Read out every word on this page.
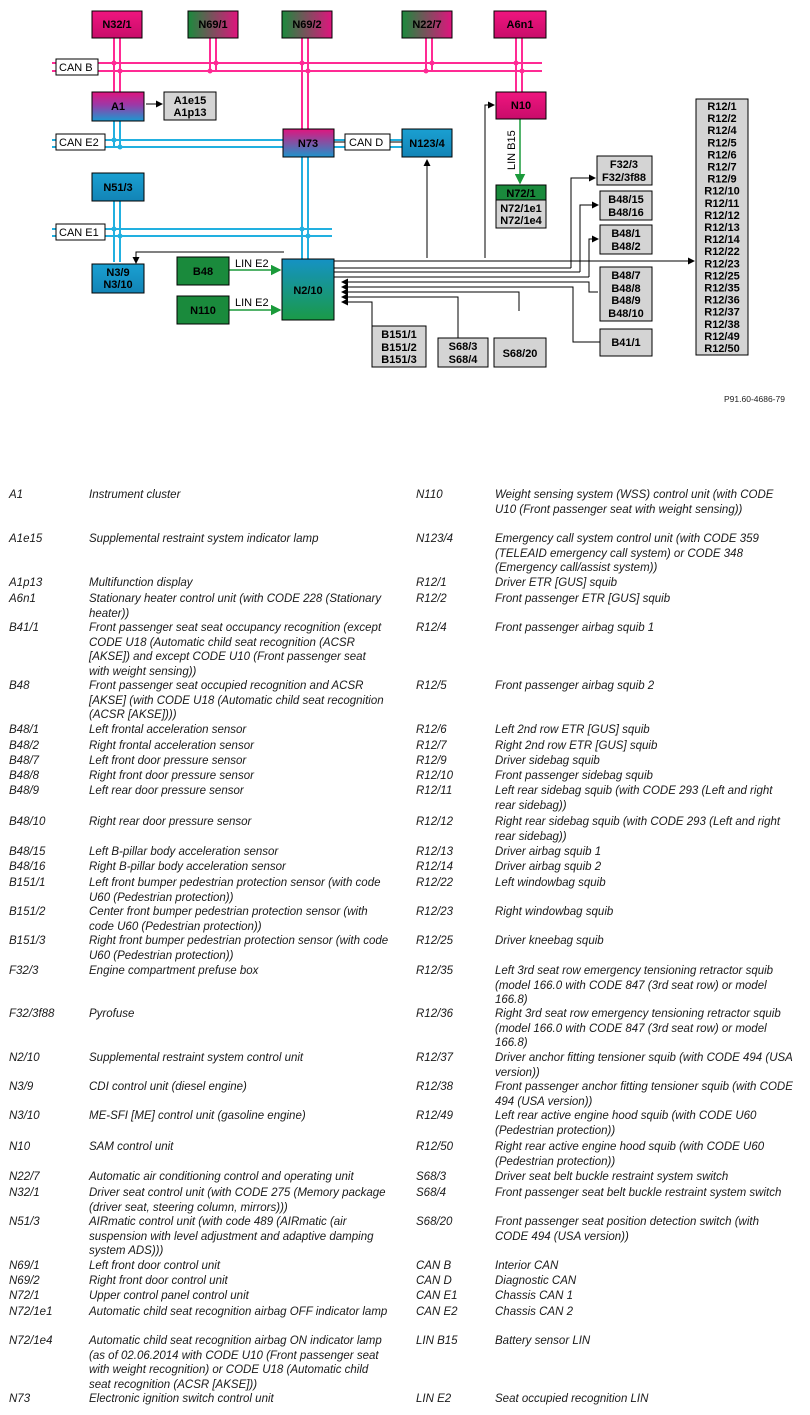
CAN B
CAN E2	CAN D
CAN E1
LIN B15
LIN E2
LIN E2
N32/1	N69/1	N69/2	N22/7	A6n1
A1	A1e15
A1p13
N10
N73	N123/4
N51/3
N3/9
N3/10
B48
N110
N2/10
N72/1
N72/1e1
N72/1e4
F32/3
F32/3f88
B48/15
B48/16
B48/1
B48/2
B48/7
B48/8
B48/9
B48/10
B41/1
B151/1
B151/2
B151/3
S68/3
S68/4 S68/20
R12/1
R12/2
R12/4
R12/5
R12/6
R12/7
R12/9
R12/10
R12/11
R12/12
R12/13
R12/14
R12/22
R12/23
R12/25
R12/35
R12/36
R12/37
R12/38
R12/49
R12/50
P91.60-4686-79
A1	Instrument cluster
A1e15	Supplemental restraint system indicator lamp
A1p13	Multifunction display
A6n1	Stationary heater control unit (with CODE 228 (Stationary heater))
B41/1	Front passenger seat seat occupancy recognition (except CODE U18 (Automatic child seat recognition (ACSR [AKSE]) and except CODE U10 (Front passenger seat with weight sensing))
B48	Front passenger seat occupied recognition and ACSR [AKSE] (with CODE U18 (Automatic child seat recognition (ACSR [AKSE])))
B48/1	Left frontal acceleration sensor
B48/2	Right frontal acceleration sensor
B48/7	Left front door pressure sensor
B48/8	Right front door pressure sensor
B48/9	Left rear door pressure sensor
B48/10	Right rear door pressure sensor
B48/15	Left B-pillar body acceleration sensor
B48/16	Right B-pillar body acceleration sensor
B151/1	Left front bumper pedestrian protection sensor (with code U60 (Pedestrian protection))
B151/2	Center front bumper pedestrian protection sensor (with code U60 (Pedestrian protection))
B151/3	Right front bumper pedestrian protection sensor (with code U60 (Pedestrian protection))
F32/3	Engine compartment prefuse box
F32/3f88	Pyrofuse
N2/10	Supplemental restraint system control unit
N3/9	CDI control unit (diesel engine)
N3/10	ME-SFI [ME] control unit (gasoline engine)
N10	SAM control unit
N22/7	Automatic air conditioning control and operating unit
N32/1	Driver seat control unit (with CODE 275 (Memory package (driver seat, steering column, mirrors)))
N51/3	AIRmatic control unit (with code 489 (AIRmatic (air suspension with level adjustment and adaptive damping system ADS)))
N69/1	Left front door control unit
N69/2	Right front door control unit
N72/1	Upper control panel control unit
N72/1e1	Automatic child seat recognition airbag OFF indicator lamp
N72/1e4	Automatic child seat recognition airbag ON indicator lamp (as of 02.06.2014 with CODE U10 (Front passenger seat with weight recognition) or CODE U18 (Automatic child seat recognition (ACSR [AKSE]))
N73	Electronic ignition switch control unit
N110	Weight sensing system (WSS) control unit (with CODE U10 (Front passenger seat with weight sensing))
N123/4	Emergency call system control unit (with CODE 359 (TELEAID emergency call system) or CODE 348 (Emergency call/assist system))
R12/1	Driver ETR [GUS] squib
R12/2	Front passenger ETR [GUS] squib
R12/4	Front passenger airbag squib 1
R12/5	Front passenger airbag squib 2
R12/6	Left 2nd row ETR [GUS] squib
R12/7	Right 2nd row ETR [GUS] squib
R12/9	Driver sidebag squib
R12/10	Front passenger sidebag squib
R12/11	Left rear sidebag squib (with CODE 293 (Left and right rear sidebag))
R12/12	Right rear sidebag squib (with CODE 293 (Left and right rear sidebag))
R12/13	Driver airbag squib 1
R12/14	Driver airbag squib 2
R12/22	Left windowbag squib
R12/23	Right windowbag squib
R12/25	Driver kneebag squib
R12/35	Left 3rd seat row emergency tensioning retractor squib (model 166.0 with CODE 847 (3rd seat row) or model 166.8)
R12/36	Right 3rd seat row emergency tensioning retractor squib (model 166.0 with CODE 847 (3rd seat row) or model 166.8)
R12/37	Driver anchor fitting tensioner squib (with CODE 494 (USA version))
R12/38	Front passenger anchor fitting tensioner squib (with CODE 494 (USA version))
R12/49	Left rear active engine hood squib (with CODE U60 (Pedestrian protection))
R12/50	Right rear active engine hood squib (with CODE U60 (Pedestrian protection))
S68/3	Driver seat belt buckle restraint system switch
S68/4	Front passenger seat belt buckle restraint system switch
S68/20	Front passenger seat position detection switch (with CODE 494 (USA version))
CAN B	Interior CAN
CAN D	Diagnostic CAN
CAN E1	Chassis CAN 1
CAN E2	Chassis CAN 2
LIN B15	Battery sensor LIN
LIN E2	Seat occupied recognition LIN
